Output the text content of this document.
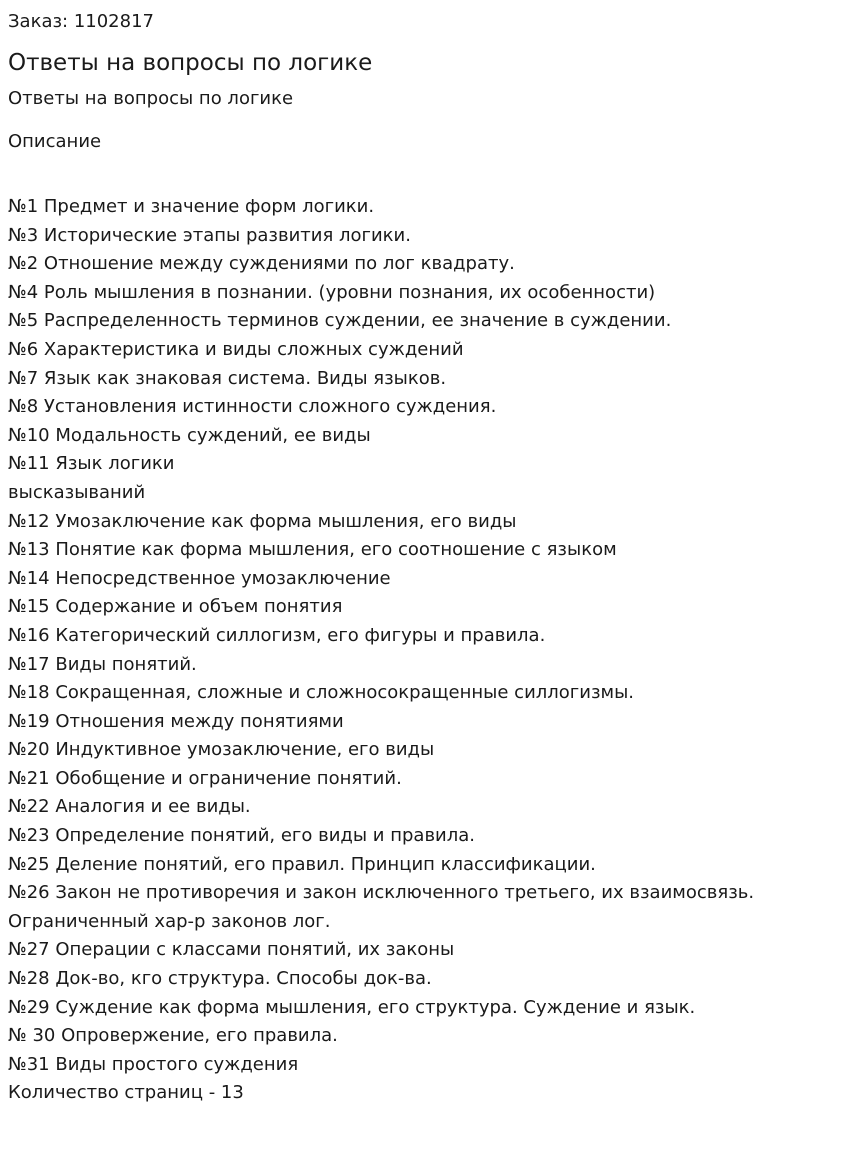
Заказ: 1102817
Ответы на вопросы по логике
Ответы на вопросы по логике
Описание
№1 Предмет и значение форм логики.
№3 Исторические этапы развития логики.
№2 Отношение между суждениями по лог квадрату.
№4 Роль мышления в познании. (уровни познания, их особенности)
№5 Распределенность терминов суждении, ее значение в суждении.
№6 Характеристика и виды сложных суждений
№7 Язык как знаковая система. Виды языков.
№8 Установления истинности сложного суждения.
№10 Модальность суждений, ее виды
№11 Язык логики
высказываний
№12 Умозаключение как форма мышления, его виды
№13 Понятие как форма мышления, его соотношение с языком
№14 Непосредственное умозаключение
№15 Содержание и объем понятия
№16 Категорический силлогизм, его фигуры и правила.
№17 Виды понятий.
№18 Сокращенная, сложные и сложносокращенные силлогизмы.
№19 Отношения между понятиями
№20 Индуктивное умозаключение, его виды
№21 Обобщение и ограничение понятий.
№22 Аналогия и ее виды.
№23 Определение понятий, его виды и правила.
№25 Деление понятий, его правил. Принцип классификации.
№26 Закон не противоречия и закон исключенного третьего, их взаимосвязь.
Ограниченный хар-р законов лог.
№27 Операции с классами понятий, их законы
№28 Док-во, кго структура. Способы док-ва.
№29 Суждение как форма мышления, его структура. Суждение и язык.
№ 30 Опровержение, его правила.
№31 Виды простого суждения
Количество страниц - 13
